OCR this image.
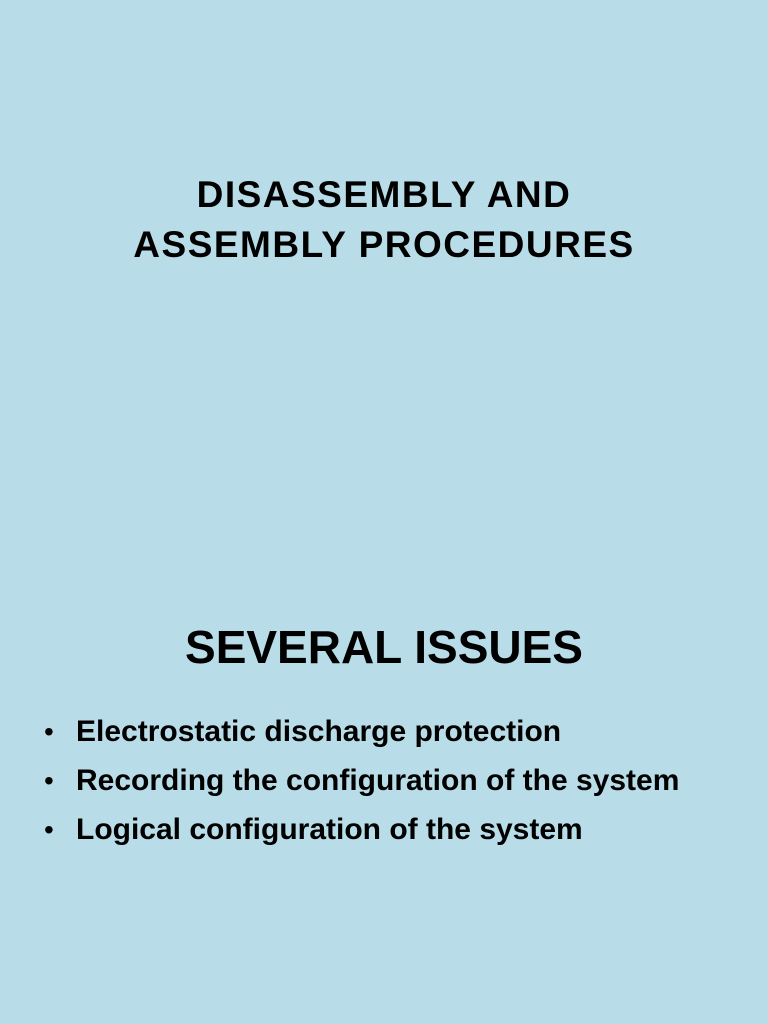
DISASSEMBLY AND
ASSEMBLY PROCEDURES
SEVERAL ISSUES
• Electrostatic discharge protection
• Recording the configuration of the system
• Logical configuration of the system
